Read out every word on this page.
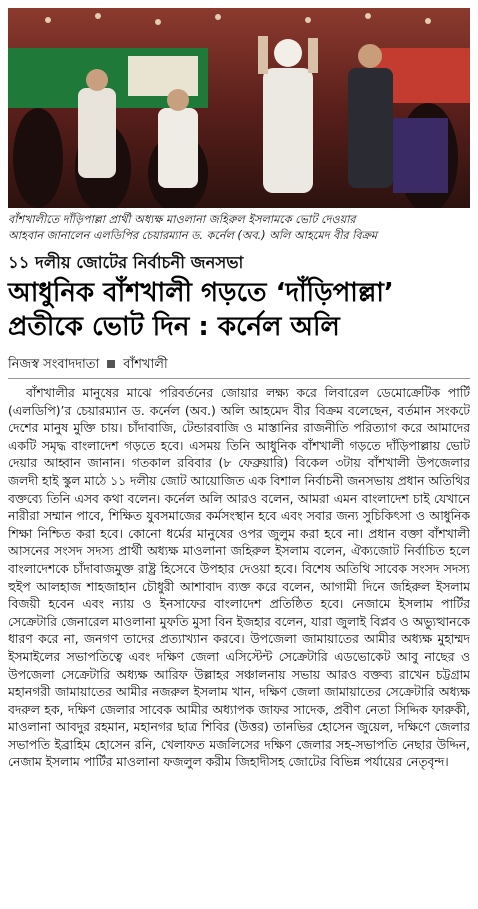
বাঁশখালীতে দাঁড়িপাল্লা প্রার্থী অধ্যক্ষ মাওলানা জহিরুল ইসলামকে ভোট দেওয়ার
আহবান জানালেন এলডিপির চেয়ারম্যান ড. কর্নেল (অব.) অলি আহমেদ বীর বিক্রম
১১ দলীয় জোটের নির্বাচনী জনসভা
আধুনিক বাঁশখালী গড়তে ‘দাঁড়িপাল্লা’
প্রতীকে ভোট দিন : কর্নেল অলি
নিজস্ব সংবাদদাতা বাঁশখালী
বাঁশখালীর মানুষের মাঝে পরিবর্তনের জোয়ার লক্ষ্য করে লিবারেল ডেমোক্রেটিক পার্টি (এলডিপি)’র চেয়ারম্যান ড. কর্নেল (অব.) অলি আহমেদ বীর বিক্রম বলেছেন, বর্তমান সংকটে দেশের মানুষ মুক্তি চায়। চাঁদাবাজি, টেন্ডারবাজি ও মাস্তানির রাজনীতি পরিত্যাগ করে আমাদের একটি সমৃদ্ধ বাংলাদেশ গড়তে হবে। এসময় তিনি আধুনিক বাঁশখালী গড়তে দাঁড়িপাল্লায় ভোট দেয়ার আহ্বান জানান। গতকাল রবিবার (৮ ফেব্রুয়ারি) বিকেল ৩টায় বাঁশখালী উপজেলার জলদী হাই স্কুল মাঠে ১১ দলীয় জোট আয়োজিত এক বিশাল নির্বাচনী জনসভায় প্রধান অতিথির বক্তব্যে তিনি এসব কথা বলেন। কর্নেল অলি আরও বলেন, আমরা এমন বাংলাদেশ চাই যেখানে নারীরা সম্মান পাবে, শিক্ষিত যুবসমাজের কর্মসংস্থান হবে এবং সবার জন্য সুচিকিৎসা ও আধুনিক শিক্ষা নিশ্চিত করা হবে। কোনো ধর্মের মানুষের ওপর জুলুম করা হবে না। প্রধান বক্তা বাঁশখালী আসনের সংসদ সদস্য প্রার্থী অধ্যক্ষ মাওলানা জহিরুল ইসলাম বলেন, ঐক্যজোট নির্বাচিত হলে বাংলাদেশকে চাঁদাবাজমুক্ত রাষ্ট্র হিসেবে উপহার দেওয়া হবে। বিশেষ অতিথি সাবেক সংসদ সদস্য হুইপ আলহাজ শাহজাহান চৌধুরী আশাবাদ ব্যক্ত করে বলেন, আগামী দিনে জহিরুল ইসলাম বিজয়ী হবেন এবং ন্যায় ও ইনসাফের বাংলাদেশ প্রতিষ্ঠিত হবে। নেজামে ইসলাম পার্টির সেক্রেটারি জেনারেল মাওলানা মুফতি মুসা বিন ইজহার বলেন, যারা জুলাই বিপ্লব ও অভ্যুত্থানকে ধারণ করে না, জনগণ তাদের প্রত্যাখ্যান করবে। উপজেলা জামায়াতের আমীর অধ্যক্ষ মুহাম্মদ ইসমাইলের সভাপতিত্বে এবং দক্ষিণ জেলা এসিস্টেন্ট সেক্রেটারি এডভোকেট আবু নাছের ও উপজেলা সেক্রেটারি অধ্যক্ষ আরিফ উল্লাহর সঞ্চালনায় সভায় আরও বক্তব্য রাখেন চট্টগ্রাম মহানগরী জামায়াতের আমীর নজরুল ইসলাম খান, দক্ষিণ জেলা জামায়াতের সেক্রেটারি অধ্যক্ষ বদরুল হক, দক্ষিণ জেলার সাবেক আমীর অধ্যাপক জাফর সাদেক, প্রবীণ নেতা সিদ্দিক ফারুকী, মাওলানা আবদুর রহমান, মহানগর ছাত্র শিবির (উত্তর) তানভির হোসেন জুয়েল, দক্ষিণে জেলার সভাপতি ইব্রাহিম হোসেন রনি, খেলাফত মজলিসের দক্ষিণ জেলার সহ-সভাপতি নেছার উদ্দিন, নেজাম ইসলাম পার্টির মাওলানা ফজলুল করীম জিহাদীসহ জোটের বিভিন্ন পর্যায়ের নেতৃবৃন্দ।
